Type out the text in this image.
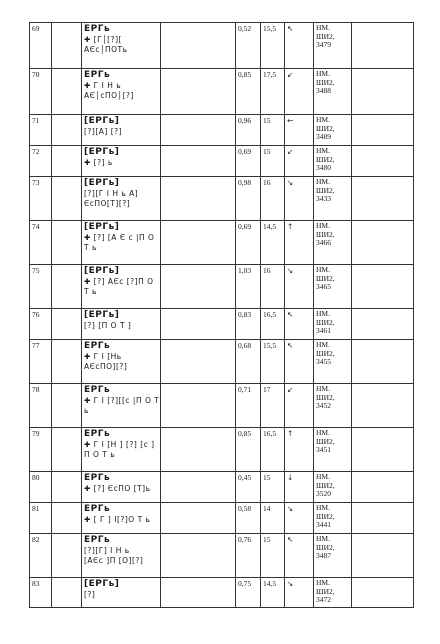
69		EРГь
✚ [Г│[?][
АЄс│ПОТь		0,52	15,5	↖	НМ.
ШИ2,
3479	

70		EРГь
✚ Г І Н ь
АЄ│сПО│[?]		0,85	17,5	↙	НМ.
ШИ2,
3488	

71		[EРГь]
[?][А] [?]		0,96	15	←	НМ.
ШИ2,
3489	

72		[EРГь]
✚ [?] ь		0,69	15	↙	НМ.
ШИ2,
3480	

73		[EРГь]
[?][Г І Н ь А]
ЄсПО[Т][?]		0,98	16	↘	НМ.
ШИ2,
3433	

74		[EРГь]
✚ [?] [А Є с |П О
Т ь		0,69	14,5	↑	НМ.
ШИ2,
3466	

75		[EРГь]
✚ [?] АЄс [?]П О
Т ь		1,03	16	↘	НМ.
ШИ2,
3465	

76		[EРГь]
[?] [П О Т ]		0,83	16,5	↖	НМ.
ШИ2,
3461	

77		EРГь
✚ Г І [Нь
АЄсПО][?]		0,68	15,5	↖	НМ.
ШИ2,
3455	

78		EРГь
✚ Г І [?][[с |П О Т
ь		0,71	17	↙	НМ.
ШИ2,
3452	

79		EРГь
✚ Г І [Н ] [?] [с ]
П О Т ь		0,85	16,5	↑	НМ.
ШИ2,
3451	

80		EРГь
✚ [?] ЄсПО [Т]ь		0,45	15	↓	НМ.
ШИ2,
3520	

81		EРГь
✚ [ Г ] І[?]О Т ь		0,58	14	↘	НМ.
ШИ2,
3441	

82		EРГь
[?][Г] І Н ь
[АЄс ]П [О][?]		0,76	15	↖	НМ.
ШИ2,
3487	

83		[EРГь]
[?]		0,75	14,5	↘	НМ.
ШИ2,
3472	
